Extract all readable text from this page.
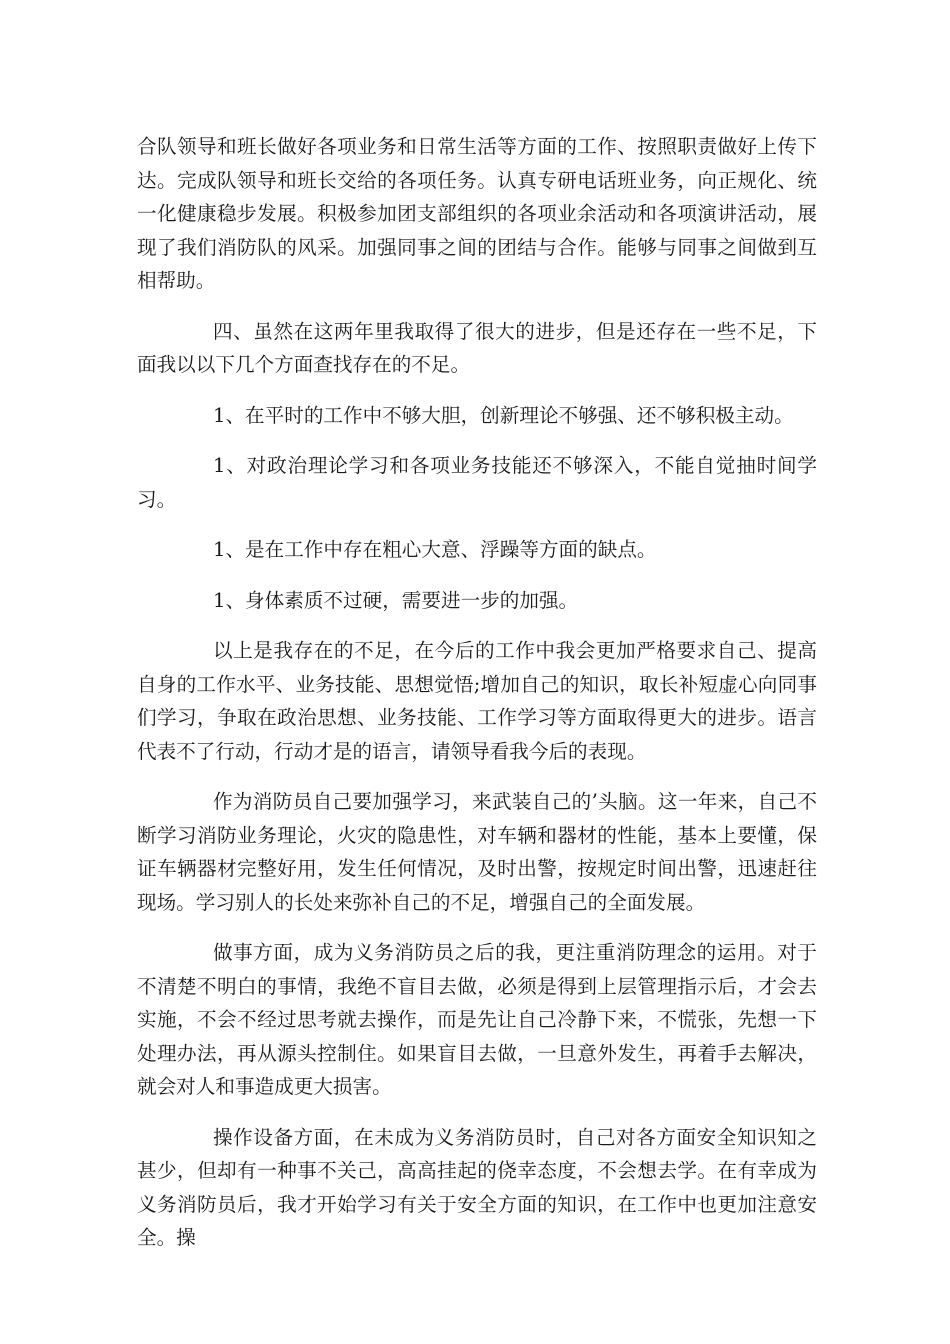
合队领导和班长做好各项业务和日常生活等方面的工作、按照职责做好上传下达。完成队领导和班长交给的各项任务。认真专研电话班业务，向正规化、统一化健康稳步发展。积极参加团支部组织的各项业余活动和各项演讲活动，展现了我们消防队的风采。加强同事之间的团结与合作。能够与同事之间做到互相帮助。

四、虽然在这两年里我取得了很大的进步，但是还存在一些不足，下面我以以下几个方面查找存在的不足。

1、在平时的工作中不够大胆，创新理论不够强、还不够积极主动。

1、对政治理论学习和各项业务技能还不够深入，不能自觉抽时间学习。

1、是在工作中存在粗心大意、浮躁等方面的缺点。

1、身体素质不过硬，需要进一步的加强。

以上是我存在的不足，在今后的工作中我会更加严格要求自己、提高自身的工作水平、业务技能、思想觉悟;增加自己的知识，取长补短虚心向同事们学习，争取在政治思想、业务技能、工作学习等方面取得更大的进步。语言代表不了行动，行动才是的语言，请领导看我今后的表现。

作为消防员自己要加强学习，来武装自己的’头脑。这一年来，自己不断学习消防业务理论，火灾的隐患性，对车辆和器材的性能，基本上要懂，保证车辆器材完整好用，发生任何情况，及时出警，按规定时间出警，迅速赶往现场。学习别人的长处来弥补自己的不足，增强自己的全面发展。

做事方面，成为义务消防员之后的我，更注重消防理念的运用。对于不清楚不明白的事情，我绝不盲目去做，必须是得到上层管理指示后，才会去实施，不会不经过思考就去操作，而是先让自己冷静下来，不慌张，先想一下处理办法，再从源头控制住。如果盲目去做，一旦意外发生，再着手去解决，就会对人和事造成更大损害。

操作设备方面，在未成为义务消防员时，自己对各方面安全知识知之甚少，但却有一种事不关己，高高挂起的侥幸态度，不会想去学。在有幸成为义务消防员后，我才开始学习有关于安全方面的知识，在工作中也更加注意安全。操
